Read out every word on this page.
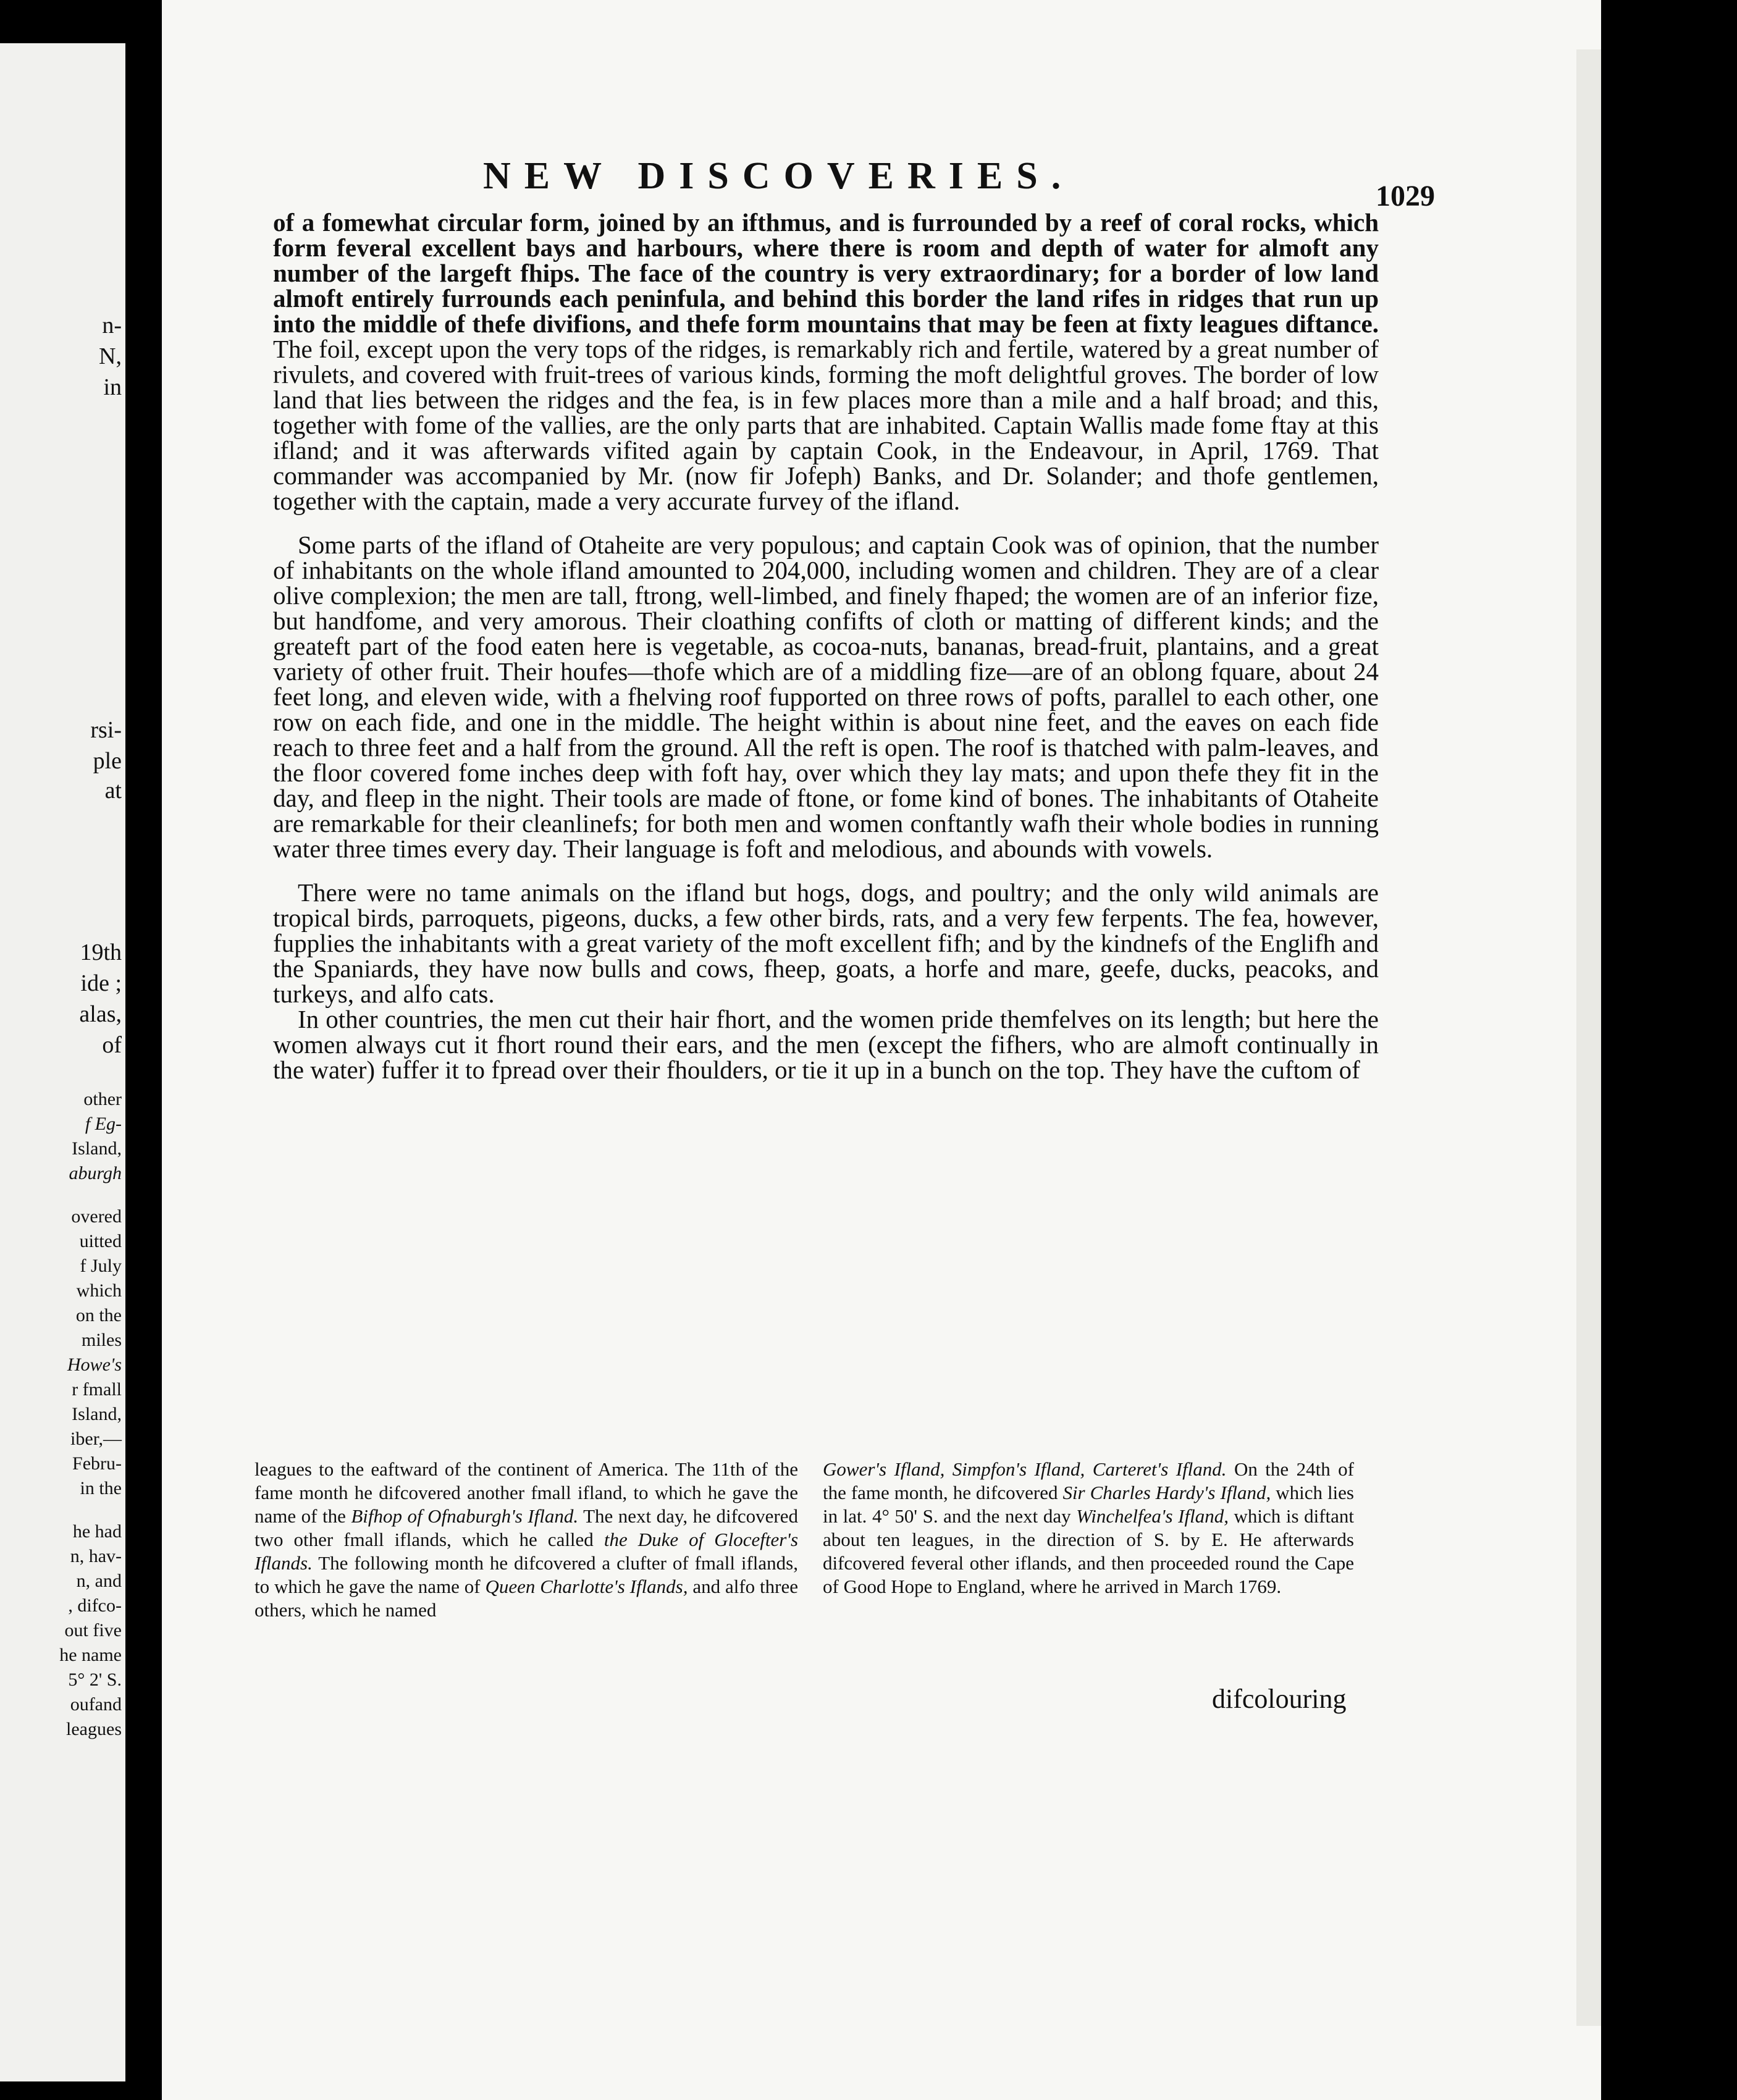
n-
N,
in
rsi-
ple
at
19th
ide ;
alas,
of
other
f Eg-
Island,
aburgh
overed
uitted
f July
which
on the
miles
Howe's
r fmall
Island,
iber,—
Febru-
in the
he had
n, hav-
n, and
, difco-
out five
he name
5° 2' S.
oufand
leagues
NEW DISCOVERIES.	1029

of a fomewhat circular form, joined by an ifthmus, and is furrounded by a reef of coral rocks, which form feveral excellent bays and harbours, where there is room and depth of water for almoft any number of the largeft fhips. The face of the country is very extraordinary; for a border of low land almoft entirely furrounds each peninfula, and behind this border the land rifes in ridges that run up into the middle of thefe divifions, and thefe form mountains that may be feen at fixty leagues diftance. The foil, except upon the very tops of the ridges, is remarkably rich and fertile, watered by a great number of rivulets, and covered with fruit-trees of various kinds, forming the moft delightful groves. The border of low land that lies between the ridges and the fea, is in few places more than a mile and a half broad; and this, together with fome of the vallies, are the only parts that are inhabited. Captain Wallis made fome ftay at this ifland; and it was afterwards vifited again by captain Cook, in the Endeavour, in April, 1769. That commander was accompanied by Mr. (now fir Jofeph) Banks, and Dr. Solander; and thofe gentlemen, together with the captain, made a very accurate furvey of the ifland.

Some parts of the ifland of Otaheite are very populous; and captain Cook was of opinion, that the number of inhabitants on the whole ifland amounted to 204,000, including women and children. They are of a clear olive complexion; the men are tall, ftrong, well-limbed, and finely fhaped; the women are of an inferior fize, but handfome, and very amorous. Their cloathing confifts of cloth or matting of different kinds; and the greateft part of the food eaten here is vegetable, as cocoa-nuts, bananas, bread-fruit, plantains, and a great variety of other fruit. Their houfes—thofe which are of a middling fize—are of an oblong fquare, about 24 feet long, and eleven wide, with a fhelving roof fupported on three rows of pofts, parallel to each other, one row on each fide, and one in the middle. The height within is about nine feet, and the eaves on each fide reach to three feet and a half from the ground. All the reft is open. The roof is thatched with palm-leaves, and the floor covered fome inches deep with foft hay, over which they lay mats; and upon thefe they fit in the day, and fleep in the night. Their tools are made of ftone, or fome kind of bones. The inhabitants of Otaheite are remarkable for their cleanlinefs; for both men and women conftantly wafh their whole bodies in running water three times every day. Their language is foft and melodious, and abounds with vowels.

There were no tame animals on the ifland but hogs, dogs, and poultry; and the only wild animals are tropical birds, parroquets, pigeons, ducks, a few other birds, rats, and a very few ferpents. The fea, however, fupplies the inhabitants with a great variety of the moft excellent fifh; and by the kindnefs of the Englifh and the Spaniards, they have now bulls and cows, fheep, goats, a horfe and mare, geefe, ducks, peacoks, and turkeys, and alfo cats.

In other countries, the men cut their hair fhort, and the women pride themfelves on its length; but here the women always cut it fhort round their ears, and the men (except the fifhers, who are almoft continually in the water) fuffer it to fpread over their fhoulders, or tie it up in a bunch on the top. They have the cuftom of

leagues to the eaftward of the continent of America. The 11th of the fame month he difcovered another fmall ifland, to which he gave the name of the Bifhop of Ofnaburgh's Ifland. The next day, he difcovered two other fmall iflands, which he called the Duke of Glocefter's Iflands. The following month he difcovered a clufter of fmall iflands, to which he gave the name of Queen Charlotte's Iflands, and alfo three others, which he named
Gower's Ifland, Simpfon's Ifland, Carteret's Ifland. On the 24th of the fame month, he difcovered Sir Charles Hardy's Ifland, which lies in lat. 4° 50' S. and the next day Winchelfea's Ifland, which is diftant about ten leagues, in the direction of S. by E. He afterwards difcovered feveral other iflands, and then proceeded round the Cape of Good Hope to England, where he arrived in March 1769.
difcolouring
